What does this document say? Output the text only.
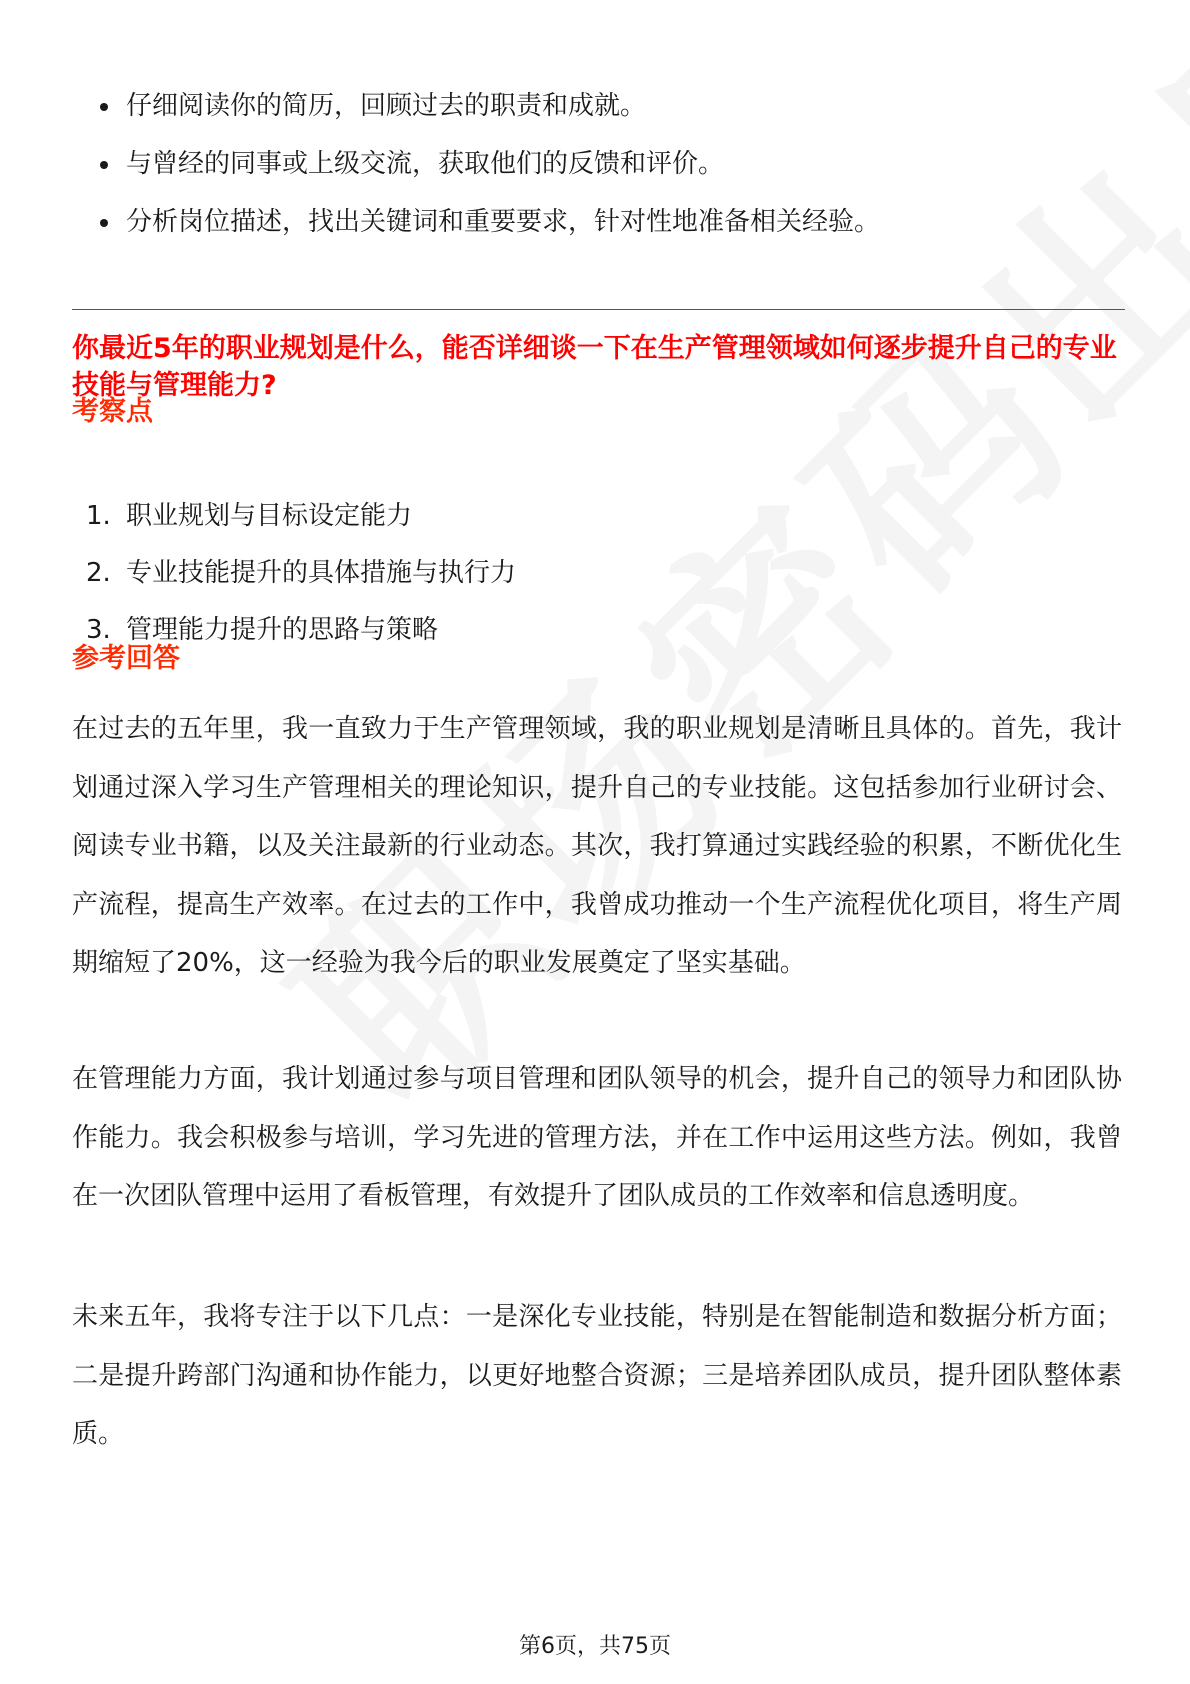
仔细阅读你的简历，回顾过去的职责和成就。
与曾经的同事或上级交流，获取他们的反馈和评价。
分析岗位描述，找出关键词和重要要求，针对性地准备相关经验。
你最近5年的职业规划是什么，能否详细谈一下在生产管理领域如何逐步提升自己的专业技能与管理能力?
考察点
1. 职业规划与目标设定能力
2. 专业技能提升的具体措施与执行力
3. 管理能力提升的思路与策略
参考回答

在过去的五年里，我一直致力于生产管理领域，我的职业规划是清晰且具体的。首先，我计划通过深入学习生产管理相关的理论知识，提升自己的专业技能。这包括参加行业研讨会、阅读专业书籍，以及关注最新的行业动态。其次，我打算通过实践经验的积累，不断优化生产流程，提高生产效率。在过去的工作中，我曾成功推动一个生产流程优化项目，将生产周期缩短了20%，这一经验为我今后的职业发展奠定了坚实基础。

在管理能力方面，我计划通过参与项目管理和团队领导的机会，提升自己的领导力和团队协作能力。我会积极参与培训，学习先进的管理方法，并在工作中运用这些方法。例如，我曾在一次团队管理中运用了看板管理，有效提升了团队成员的工作效率和信息透明度。

未来五年，我将专注于以下几点：一是深化专业技能，特别是在智能制造和数据分析方面；二是提升跨部门沟通和协作能力，以更好地整合资源；三是培养团队成员，提升团队整体素质。

第6页，共75页
